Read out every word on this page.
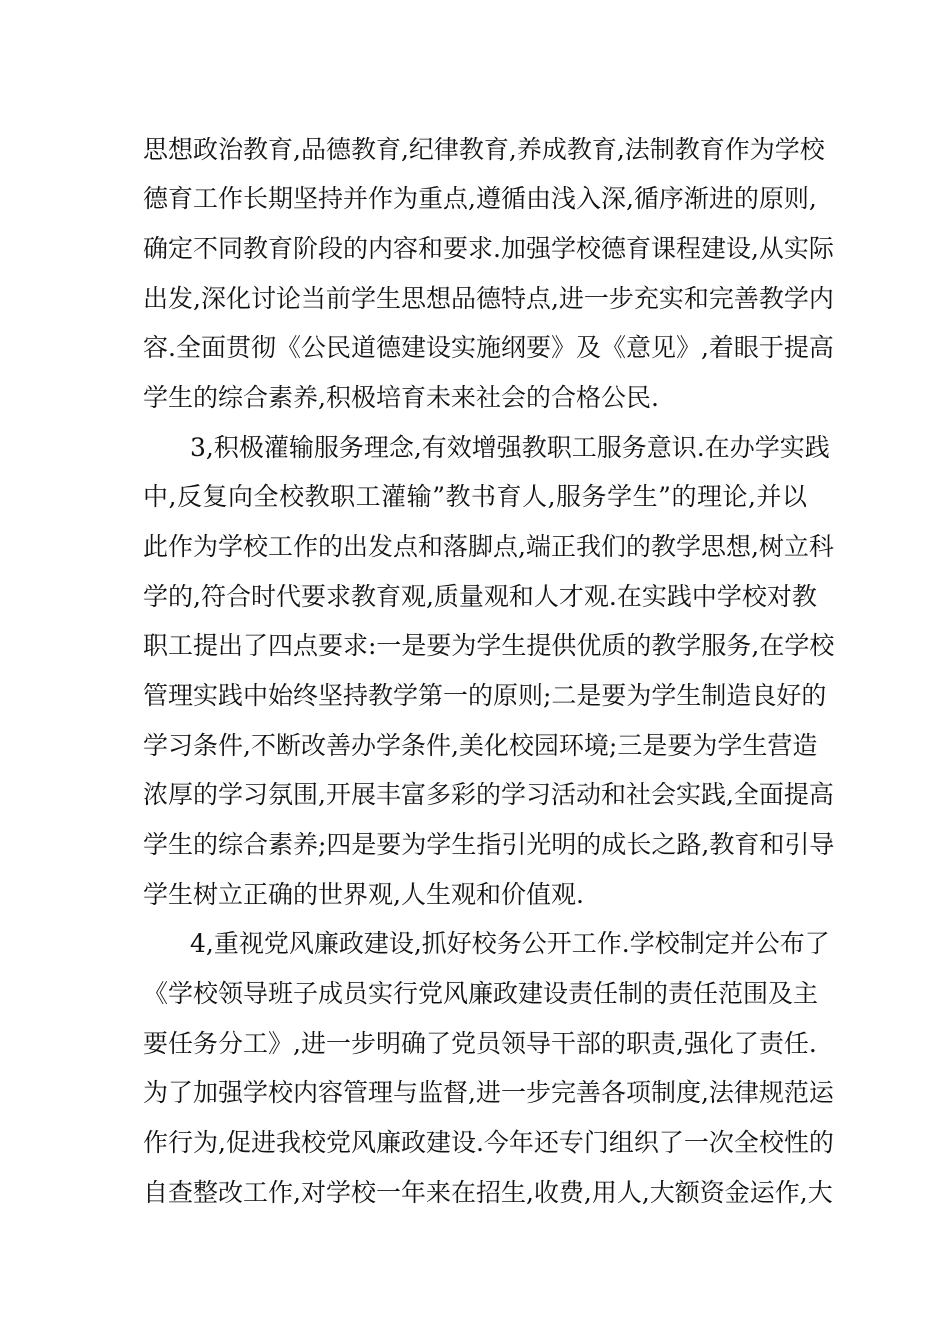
思想政治教育,品德教育,纪律教育,养成教育,法制教育作为学校
德育工作长期坚持并作为重点,遵循由浅入深,循序渐进的原则,
确定不同教育阶段的内容和要求.加强学校德育课程建设,从实际
出发,深化讨论当前学生思想品德特点,进一步充实和完善教学内
容.全面贯彻《公民道德建设实施纲要》及《意见》,着眼于提高
学生的综合素养,积极培育未来社会的合格公民.
3,积极灌输服务理念,有效增强教职工服务意识.在办学实践
中,反复向全校教职工灌输”教书育人,服务学生”的理论,并以
此作为学校工作的出发点和落脚点,端正我们的教学思想,树立科
学的,符合时代要求教育观,质量观和人才观.在实践中学校对教
职工提出了四点要求:一是要为学生提供优质的教学服务,在学校
管理实践中始终坚持教学第一的原则;二是要为学生制造良好的
学习条件,不断改善办学条件,美化校园环境;三是要为学生营造
浓厚的学习氛围,开展丰富多彩的学习活动和社会实践,全面提高
学生的综合素养;四是要为学生指引光明的成长之路,教育和引导
学生树立正确的世界观,人生观和价值观.
4,重视党风廉政建设,抓好校务公开工作.学校制定并公布了
《学校领导班子成员实行党风廉政建设责任制的责任范围及主
要任务分工》,进一步明确了党员领导干部的职责,强化了责任.
为了加强学校内容管理与监督,进一步完善各项制度,法律规范运
作行为,促进我校党风廉政建设.今年还专门组织了一次全校性的
自查整改工作,对学校一年来在招生,收费,用人,大额资金运作,大
